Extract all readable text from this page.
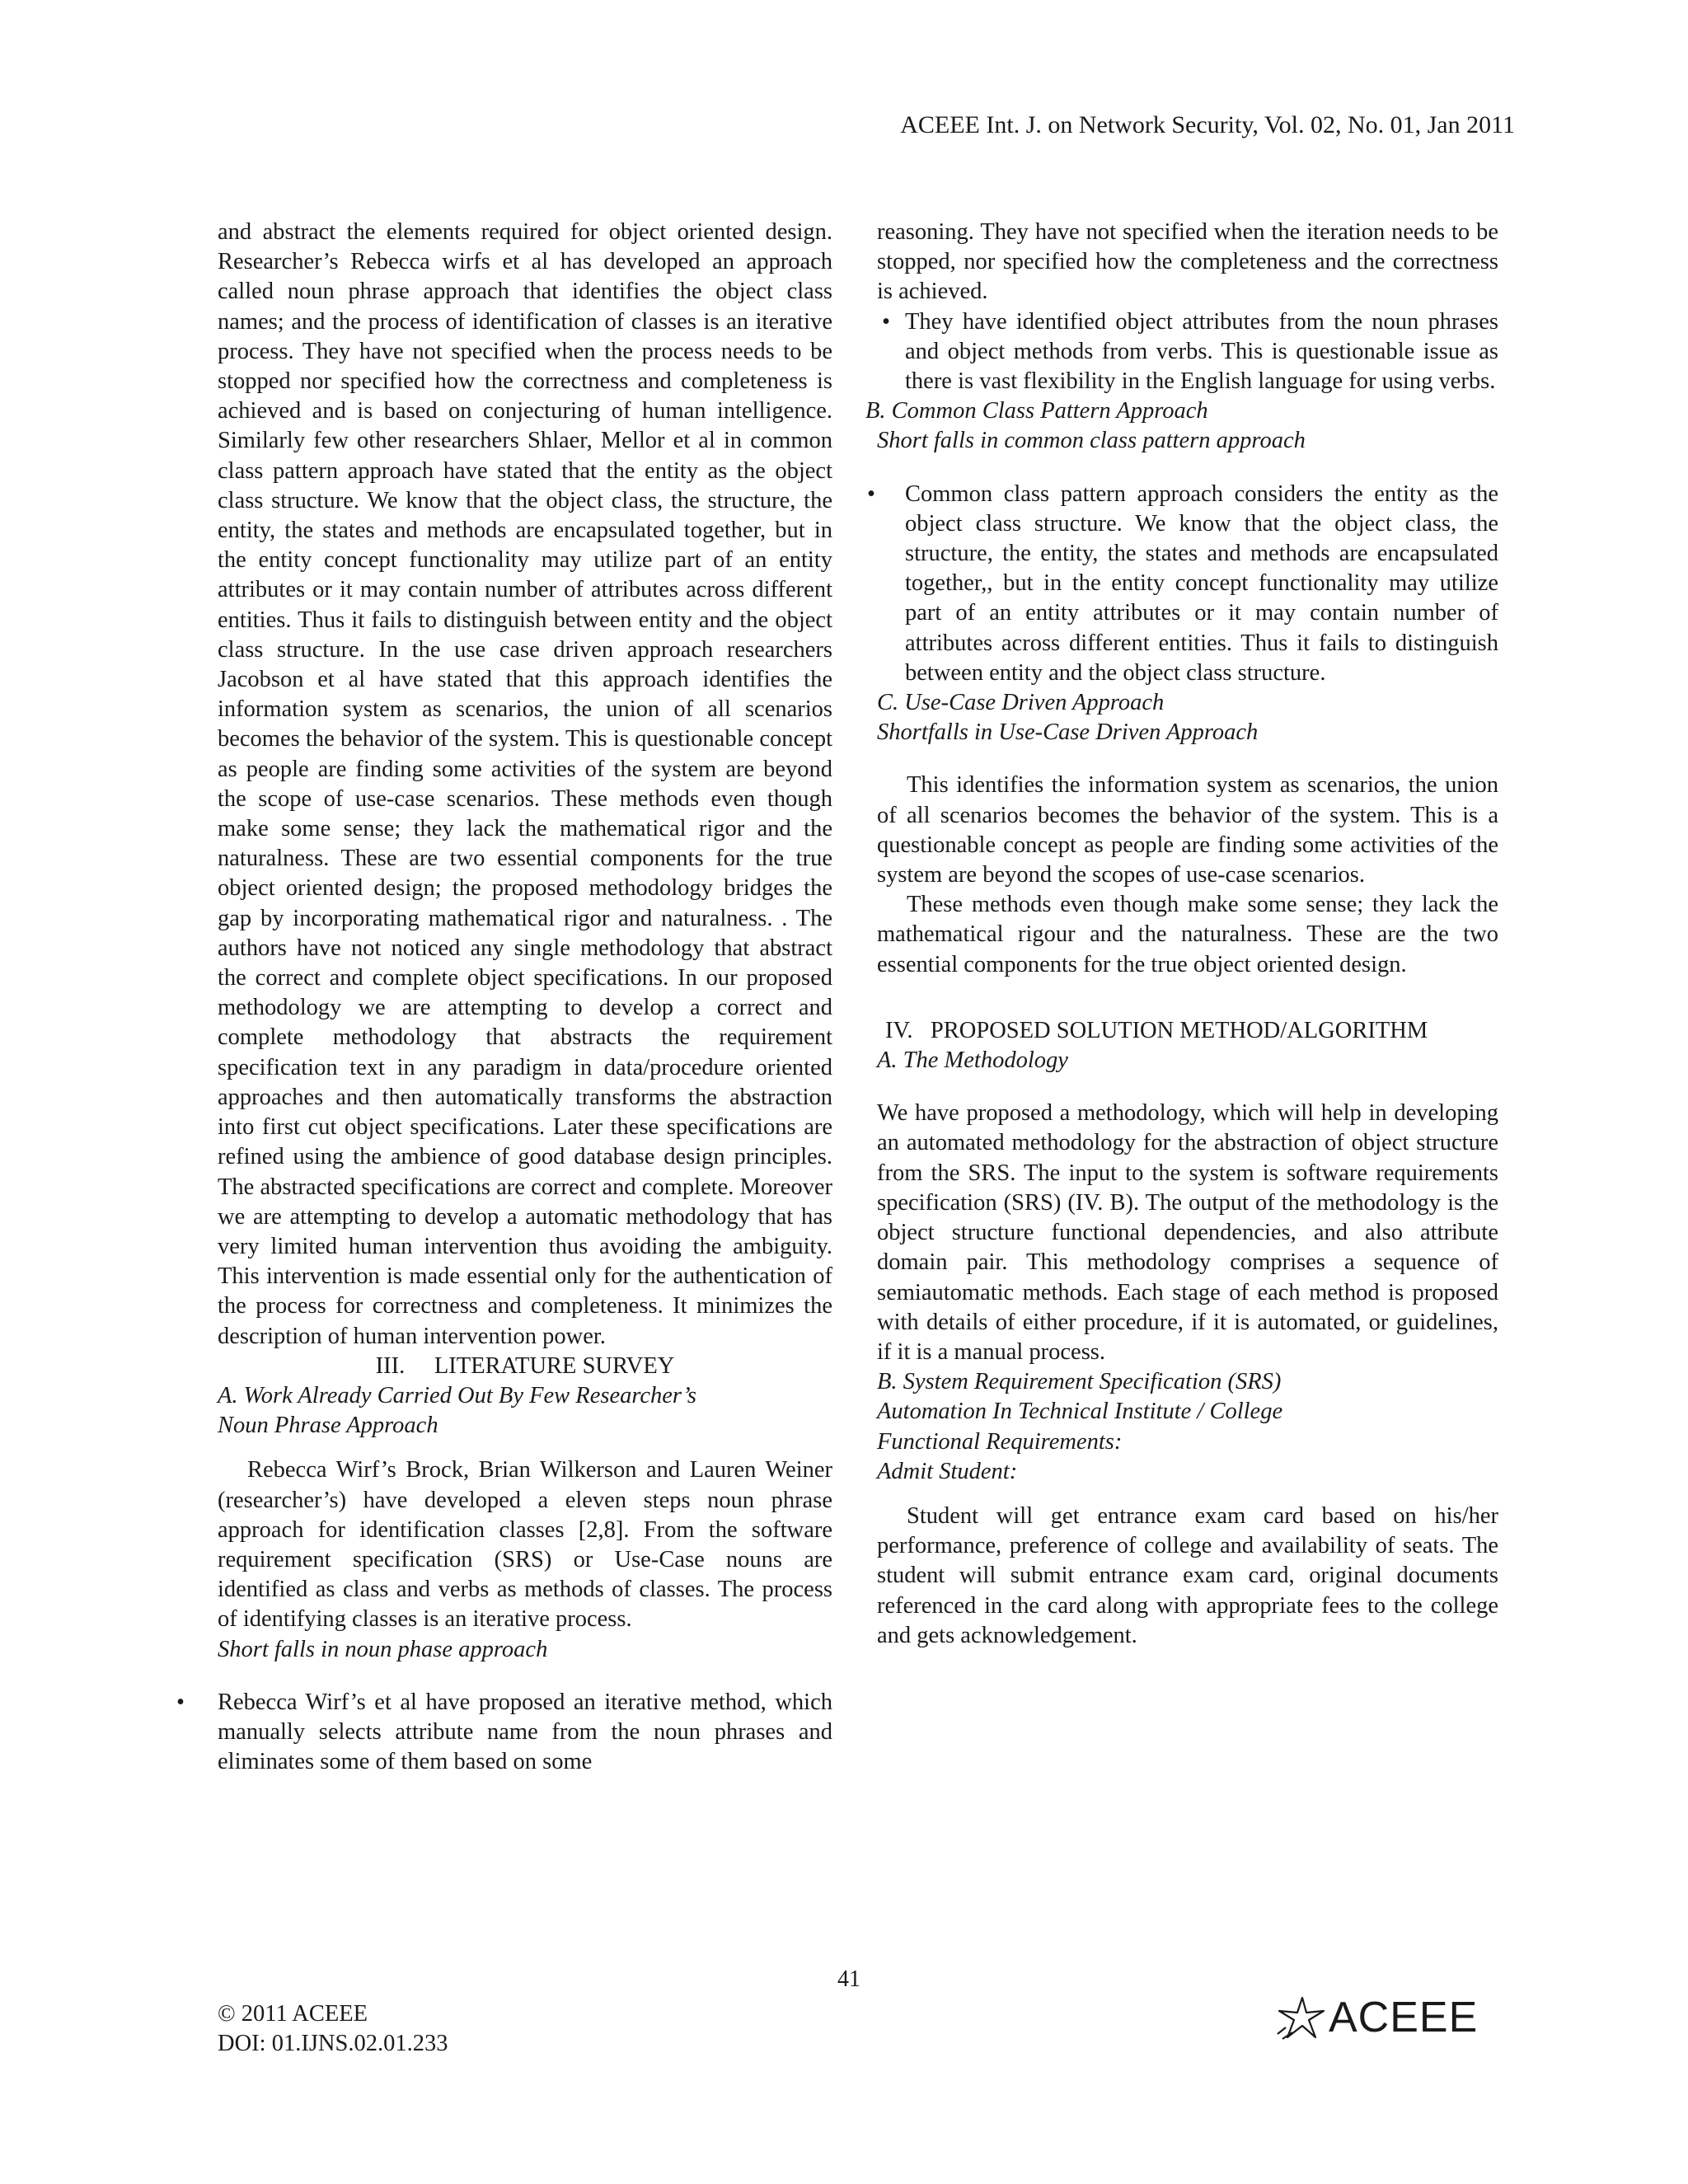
ACEEE Int. J. on Network Security, Vol. 02, No. 01, Jan 2011

and abstract the elements required for object oriented design. Researcher’s Rebecca wirfs et al has developed an approach called noun phrase approach that identifies the object class names; and the process of identification of classes is an iterative process. They have not specified when the process needs to be stopped nor specified how the correctness and completeness is achieved and is based on conjecturing of human intelligence. Similarly few other researchers Shlaer, Mellor et al in common class pattern approach have stated that the entity as the object class structure. We know that the object class, the structure, the entity, the states and methods are encapsulated together, but in the entity concept functionality may utilize part of an entity attributes or it may contain number of attributes across different entities. Thus it fails to distinguish between entity and the object class structure. In the use case driven approach researchers Jacobson et al have stated that this approach identifies the information system as scenarios, the union of all scenarios becomes the behavior of the system. This is questionable concept as people are finding some activities of the system are beyond the scope of use-case scenarios. These methods even though make some sense; they lack the mathematical rigor and the naturalness. These are two essential components for the true object oriented design; the proposed methodology bridges the gap by incorporating mathematical rigor and naturalness. . The authors have not noticed any single methodology that abstract the correct and complete object specifications. In our proposed methodology we are attempting to develop a correct and complete methodology that abstracts the requirement specification text in any paradigm in data/procedure oriented approaches and then automatically transforms the abstraction into first cut object specifications. Later these specifications are refined using the ambience of good database design principles. The abstracted specifications are correct and complete. Moreover we are attempting to develop a automatic methodology that has very limited human intervention thus avoiding the ambiguity. This intervention is made essential only for the authentication of the process for correctness and completeness. It minimizes the description of human intervention power.

III.     LITERATURE SURVEY

A. Work Already Carried Out By Few Researcher’s

Noun Phrase Approach

Rebecca Wirf’s Brock, Brian Wilkerson and Lauren Weiner (researcher’s) have developed a eleven steps noun phrase approach for identification classes [2,8]. From the software requirement specification (SRS) or Use-Case nouns are identified as class and verbs as methods of classes. The process of identifying classes is an iterative process.

Short falls in noun phase approach

• Rebecca Wirf’s et al have proposed an iterative method, which manually selects attribute name from the noun phrases and eliminates some of them based on some

reasoning. They have not specified when the iteration needs to be stopped, nor specified how the completeness and the correctness is achieved.

• They have identified object attributes from the noun phrases and object methods from verbs. This is questionable issue as there is vast flexibility in the English language for using verbs.

B. Common Class Pattern Approach

Short falls in common class pattern approach

• Common class pattern approach considers the entity as the object class structure. We know that the object class, the structure, the entity, the states and methods are encapsulated together,, but in the entity concept functionality may utilize part of an entity attributes or it may contain number of attributes across different entities. Thus it fails to distinguish between entity and the object class structure.

C. Use-Case Driven Approach

Shortfalls in Use-Case Driven Approach

This identifies the information system as scenarios, the union of all scenarios becomes the behavior of the system. This is a questionable concept as people are finding some activities of the system are beyond the scopes of use-case scenarios.

These methods even though make some sense; they lack the mathematical rigour and the naturalness. These are the two essential components for the true object oriented design.

IV.   PROPOSED SOLUTION METHOD/ALGORITHM

A. The Methodology

We have proposed a methodology, which will help in developing an automated methodology for the abstraction of object structure from the SRS. The input to the system is software requirements specification (SRS) (IV. B). The output of the methodology is the object structure functional dependencies, and also attribute domain pair. This methodology comprises a sequence of semiautomatic methods. Each stage of each method is proposed with details of either procedure, if it is automated, or guidelines, if it is a manual process.

B. System Requirement Specification (SRS)

Automation In Technical Institute / College

Functional Requirements:

Admit Student:

Student will get entrance exam card based on his/her performance, preference of college and availability of seats. The student will submit entrance exam card, original documents referenced in the card along with appropriate fees to the college and gets acknowledgement.

41
© 2011 ACEEE
DOI: 01.IJNS.02.01.233
ACEEE
